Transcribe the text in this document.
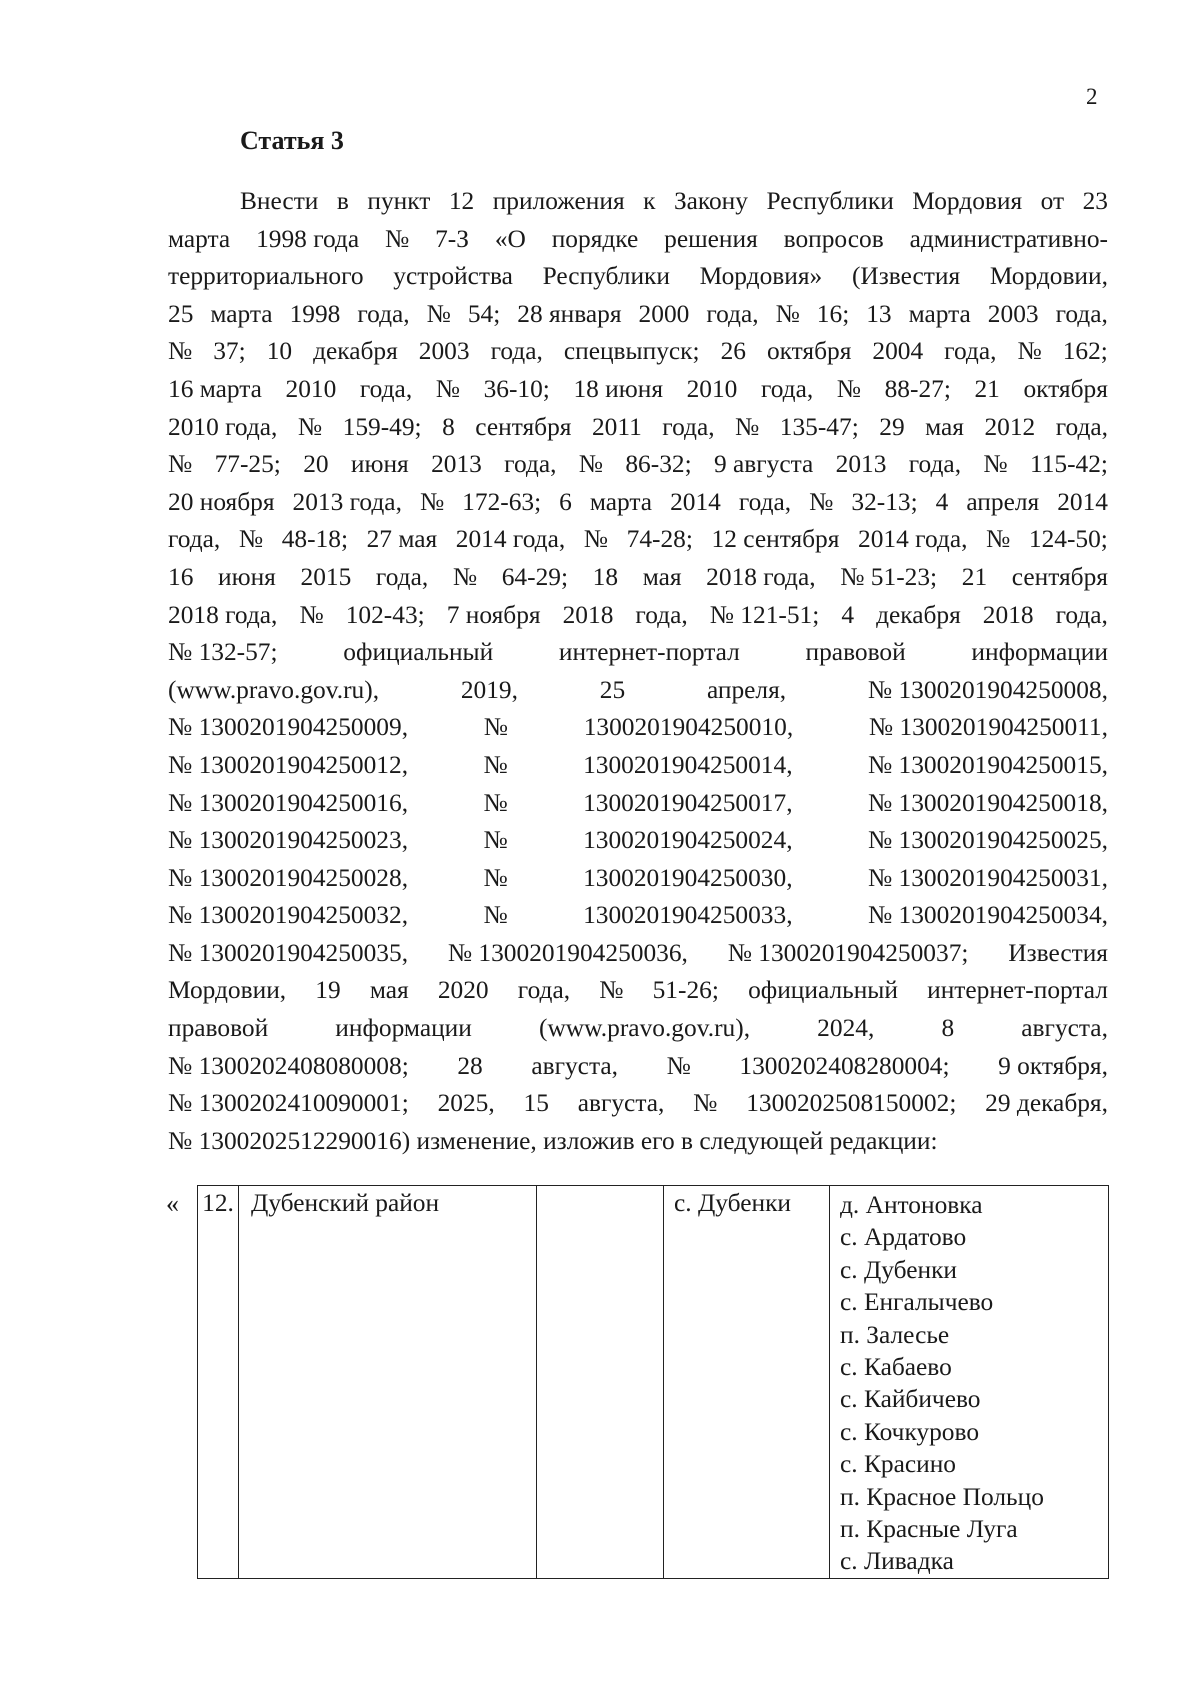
2
Статья 3
Внести в пункт 12 приложения к Закону Республики Мордовия от 23
марта 1998 года № 7-З «О порядке решения вопросов административно-
территориального устройства Республики Мордовия» (Известия Мордовии,
25 марта 1998 года, № 54; 28 января 2000 года, № 16; 13 марта 2003 года,
№ 37; 10 декабря 2003 года, спецвыпуск; 26 октября 2004 года, № 162;
16 марта 2010 года, № 36-10; 18 июня 2010 года, № 88-27; 21 октября
2010 года, № 159-49; 8 сентября 2011 года, № 135-47; 29 мая 2012 года,
№ 77-25; 20 июня 2013 года, № 86-32; 9 августа 2013 года, № 115-42;
20 ноября 2013 года, № 172-63; 6 марта 2014 года, № 32-13; 4 апреля 2014
года, № 48-18; 27 мая 2014 года, № 74-28; 12 сентября 2014 года, № 124-50;
16 июня 2015 года, № 64-29; 18 мая 2018 года, № 51-23; 21 сентября
2018 года, № 102-43; 7 ноября 2018 года, № 121-51; 4 декабря 2018 года,
№ 132-57;	официальный	интернет-портал	правовой	информации
(www.pravo.gov.ru),	2019,	25	апреля,	№ 1300201904250008,
№ 1300201904250009,	№	1300201904250010,	№ 1300201904250011,
№ 1300201904250012,	№	1300201904250014,	№ 1300201904250015,
№ 1300201904250016,	№	1300201904250017,	№ 1300201904250018,
№ 1300201904250023,	№	1300201904250024,	№ 1300201904250025,
№ 1300201904250028,	№	1300201904250030,	№ 1300201904250031,
№ 1300201904250032,	№	1300201904250033,	№ 1300201904250034,
№ 1300201904250035, № 1300201904250036, № 1300201904250037; Известия
Мордовии, 19 мая 2020 года, № 51-26; официальный интернет-портал
правовой	информации	(www.pravo.gov.ru),	2024,	8	августа,
№ 1300202408080008; 28 августа, № 1300202408280004; 9 октября,
№ 1300202410090001; 2025, 15 августа, № 1300202508150002; 29 декабря,
№ 1300202512290016) изменение, изложив его в следующей редакции:
« 12.	Дубенский район		с. Дубенки	д. Антоновка
с. Ардатово
с. Дубенки
с. Енгалычево
п. Залесье
с. Кабаево
с. Кайбичево
с. Кочкурово
с. Красино
п. Красное Польцо
п. Красные Луга
с. Ливадка
